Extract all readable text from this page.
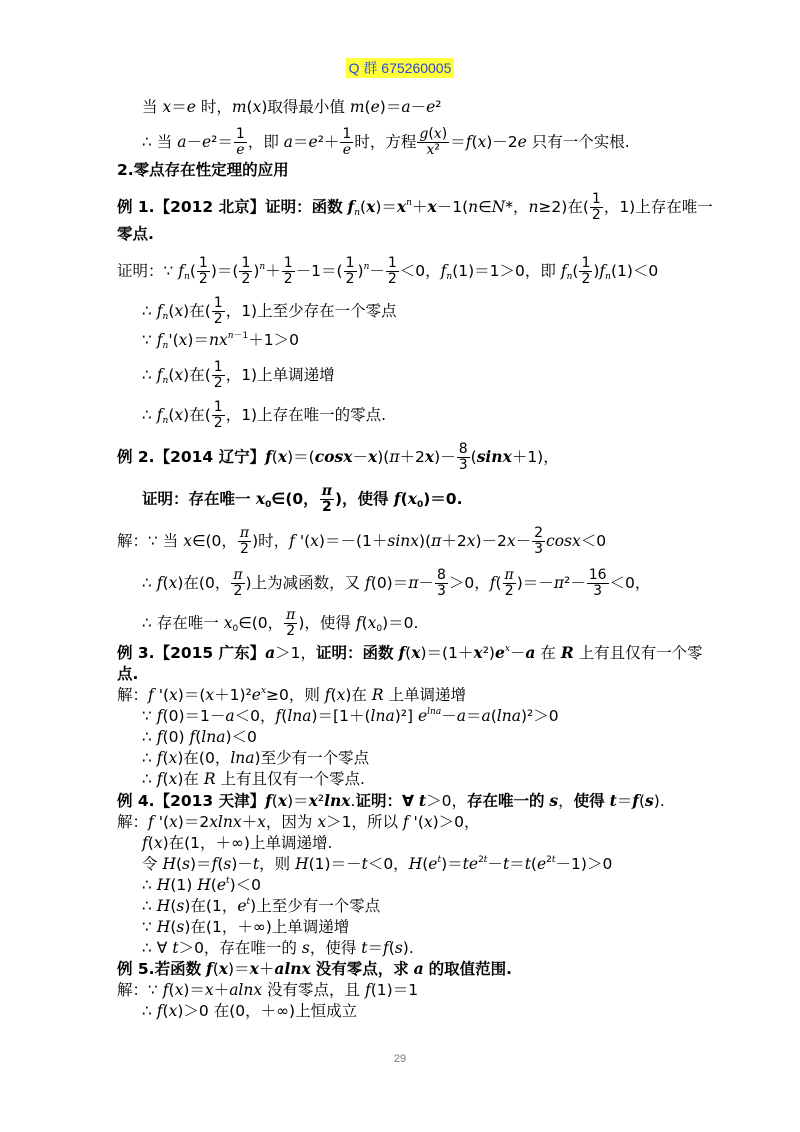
Q 群 675260005
当 x＝e 时，m(x)取得最小值 m(e)＝a－e²
∴ 当 $a-e^2= \frac{1}{e}$ ，即 $a=e^2+ \frac{1}{e}$ 时，方程 $\frac{g(x)}{\text{x²}} =f(x)-2e$ 只有一个实根.
2.零点存在性定理的应用
例 1.【2012 北京】证明：函数 $f_n(x)=x^n+x-1(n\in N*$，n≥2)在( $\frac{1}{2}$ ，1)上存在唯一
零点.
证明：∵ $f_n( \frac{1}{2}$ )＝( $\frac{1}{2} )^n+ \frac{1}{2} -1=( \frac{1}{2} )^n- \frac{1}{2} <0$，$f_n(1)=1>0$，即 $f_n( \frac{1}{2} )f_n(1)<0$
∴ $f_n(x)$在( $\frac{1}{2}$ ，1)上至少存在一个零点
∵ $f_n'(x)=nx^{n-1}+1>0$
∴ $f_n(x)$在( $\frac{1}{2}$ ，1)上单调递增
∴ $f_n(x)$在( $\frac{1}{2}$ ，1)上存在唯一的零点.
例 2.【2014 辽宁】$f(x)=(\cos x-x)(\pi+2x)- \frac{8}{3} (\sin x+1)$，
证明：存在唯一 $x_0\in(0$， $\frac{\pi}{2}$ )，使得 $f(x_0)=0$.
解：∵ 当 x∈(0， $\frac{\pi}{2}$ )时，f '$(x)=-(1+\sin x)(\pi+2x)-2x- \frac{2}{3} \cos x<0$
∴ f(x)在(0， $\frac{\pi}{2}$ )上为减函数，又 $f(0)=\pi- \frac{8}{3} >0$，$f( \frac{\pi}{2} )=-\pi^2- \frac{16}{3} <0$，
∴ 存在唯一 $x_0\in(0$， $\frac{\pi}{2}$ )，使得 $f(x_0)=0$.
例 3.【2015 广东】a＞1，证明：函数 $f(x)=(1+x^2)e^x-a$ 在 R 上有且仅有一个零
点.
解：f '$(x)=(x+1)^2e^x\ge 0$，则 f(x)在 R 上单调递增
∵ f(0)＝1－a＜0，f(lna)＝[1＋(lna)²] $e^{lna}-a=a(\ln a)^2>0$
∴ f(0) f(lna)＜0
∴ f(x)在(0，lna)至少有一个零点
∴ f(x)在 R 上有且仅有一个零点.
例 4.【2013 天津】f(x)＝x²lnx.证明：∀ t＞0，存在唯一的 s，使得 t＝f(s).
解：f '(x)＝2xlnx＋x，因为 x＞1，所以 f '(x)＞0，
f(x)在(1，＋∞)上单调递增.
令 H(s)＝f(s)－t，则 H(1)＝－t＜0，$H(e^t)=te^{2t}-t=t(e^{2t}-1)>0$
∴ H(1) $H(e^t)<0$
∴ H(s)在(1，$e^t$)上至少有一个零点
∵ H(s)在(1，＋∞)上单调递增
∴ ∀ t＞0，存在唯一的 s，使得 t＝f(s).
例 5.若函数 f(x)＝x＋alnx 没有零点，求 a 的取值范围.
解：∵ f(x)＝x＋alnx 没有零点，且 f(1)＝1
∴ f(x)＞0 在(0，＋∞)上恒成立
29
